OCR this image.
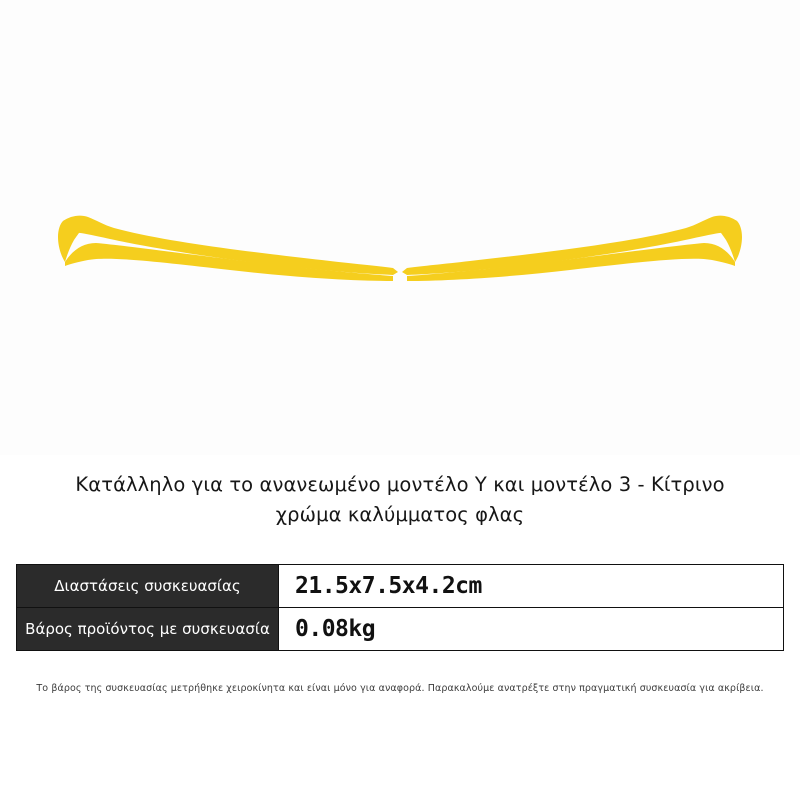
Κατάλληλο για το ανανεωμένο μοντέλο Y και μοντέλο 3 - Κίτρινο χρώμα καλύμματος φλας
Διαστάσεις συσκευασίας	21.5x7.5x4.2cm
Βάρος προϊόντος με συσκευασία	0.08kg
Το βάρος της συσκευασίας μετρήθηκε χειροκίνητα και είναι μόνο για αναφορά. Παρακαλούμε ανατρέξτε στην πραγματική συσκευασία για ακρίβεια.
